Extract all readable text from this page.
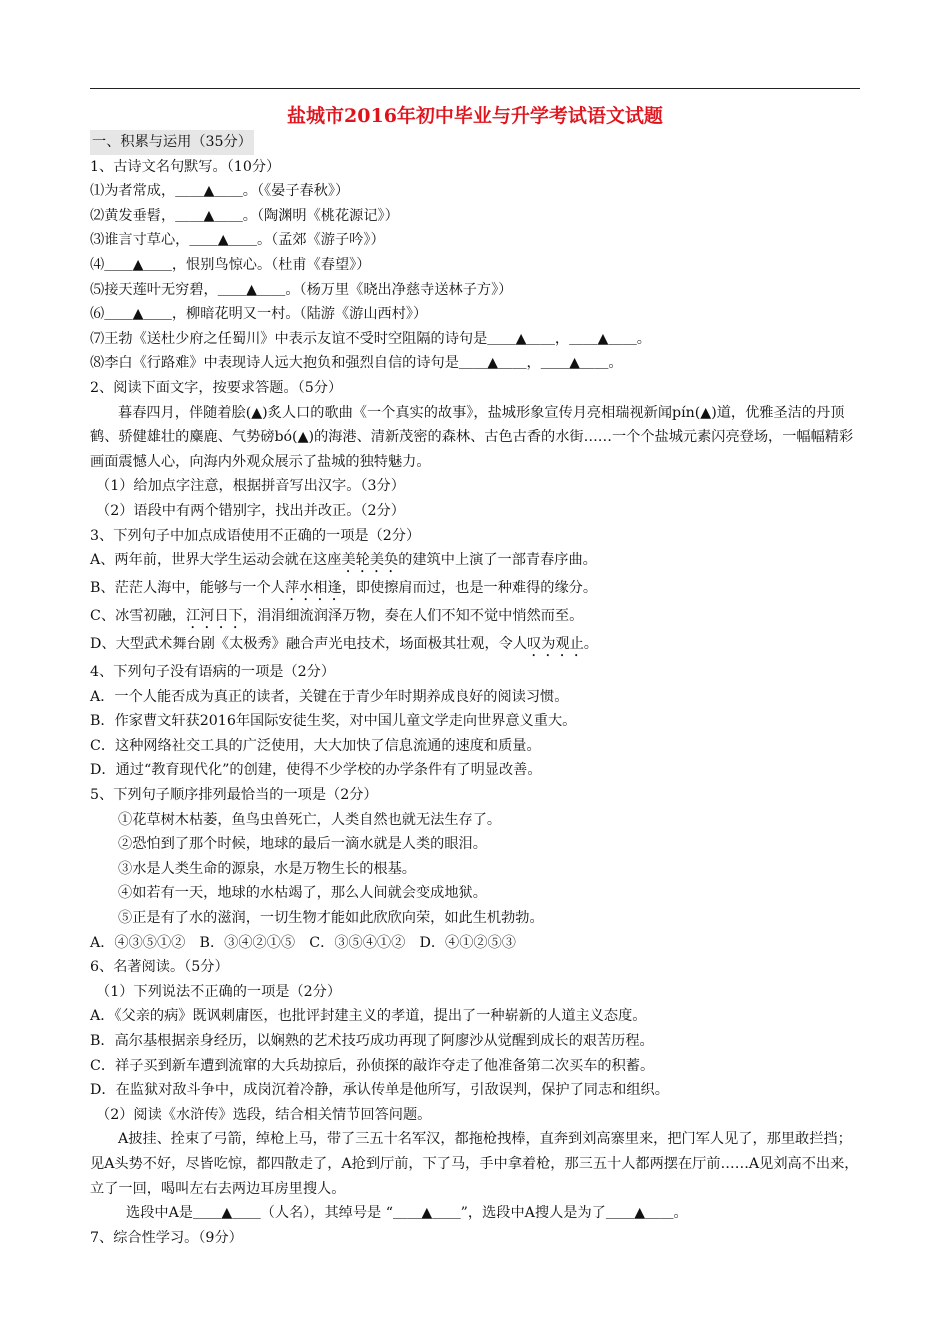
盐城市2016年初中毕业与升学考试语文试题

一、积累与运用（35分）

1、古诗文名句默写。（10分）

⑴为者常成，＿＿▲＿＿。（《晏子春秋》）

⑵黄发垂髫，＿＿▲＿＿。（陶渊明《桃花源记》）

⑶谁言寸草心，＿＿▲＿＿。（孟郊《游子吟》）

⑷＿＿▲＿＿，恨别鸟惊心。（杜甫《春望》）

⑸接天莲叶无穷碧，＿＿▲＿＿。（杨万里《晓出净慈寺送林子方》）

⑹＿＿▲＿＿，柳暗花明又一村。（陆游《游山西村》）

⑺王勃《送杜少府之任蜀川》中表示友谊不受时空阻隔的诗句是＿＿▲＿＿，＿＿▲＿＿。

⑻李白《行路难》中表现诗人远大抱负和强烈自信的诗句是＿＿▲＿＿，＿＿▲＿＿。

2、阅读下面文字，按要求答题。（5分）

暮春四月，伴随着脍(▲)炙人口的歌曲《一个真实的故事》，盐城形象宣传月亮相瑞视新闻pín(▲)道，优雅圣洁的丹顶鹤、骄健雄壮的麋鹿、气势磅bó(▲)的海港、清新茂密的森林、古色古香的水街……一个个盐城元素闪亮登场，一幅幅精彩画面震憾人心，向海内外观众展示了盐城的独特魅力。

（1）给加点字注意，根据拼音写出汉字。（3分）

（2）语段中有两个错别字，找出并改正。（2分）

3、下列句子中加点成语使用不正确的一项是（2分）

A、两年前，世界大学生运动会就在这座美轮美奂的建筑中上演了一部青春序曲。

B、茫茫人海中，能够与一个人萍水相逢，即使擦肩而过，也是一种难得的缘分。

C、冰雪初融，江河日下，涓涓细流润泽万物，奏在人们不知不觉中悄然而至。

D、大型武术舞台剧《太极秀》融合声光电技术，场面极其壮观，令人叹为观止。

4、下列句子没有语病的一项是（2分）

A．一个人能否成为真正的读者，关键在于青少年时期养成良好的阅读习惯。

B．作家曹文轩获2016年国际安徒生奖，对中国儿童文学走向世界意义重大。

C．这种网络社交工具的广泛使用，大大加快了信息流通的速度和质量。

D．通过“教育现代化”的创建，使得不少学校的办学条件有了明显改善。

5、下列句子顺序排列最恰当的一项是（2分）

①花草树木枯萎，鱼鸟虫兽死亡，人类自然也就无法生存了。

②恐怕到了那个时候，地球的最后一滴水就是人类的眼泪。

③水是人类生命的源泉，水是万物生长的根基。

④如若有一天，地球的水枯竭了，那么人间就会变成地狱。

⑤正是有了水的滋润，一切生物才能如此欣欣向荣，如此生机勃勃。

A．④③⑤①②　B．③④②①⑤　C．③⑤④①②　D．④①②⑤③

6、名著阅读。（5分）

（1）下列说法不正确的一项是（2分）

A．《父亲的病》既讽刺庸医，也批评封建主义的孝道，提出了一种崭新的人道主义态度。

B．高尔基根据亲身经历，以娴熟的艺术技巧成功再现了阿廖沙从觉醒到成长的艰苦历程。

C．祥子买到新车遭到流窜的大兵劫掠后，孙侦探的敲诈夺走了他准备第二次买车的积蓄。

D．在监狱对敌斗争中，成岗沉着冷静，承认传单是他所写，引敌误判，保护了同志和组织。

（2）阅读《水浒传》选段，结合相关情节回答问题。

A披挂、拴束了弓箭，绰枪上马，带了三五十名军汉，都拖枪拽棒，直奔到刘高寨里来，把门军人见了，那里敢拦挡；见A头势不好，尽皆吃惊，都四散走了，A抢到厅前，下了马，手中拿着枪，那三五十人都两摆在厅前……A见刘高不出来，立了一回，喝叫左右去两边耳房里搜人。

选段中A是＿＿▲＿＿（人名），其绰号是 “＿＿▲＿＿”，选段中A搜人是为了＿＿▲＿＿。

7、综合性学习。（9分）
